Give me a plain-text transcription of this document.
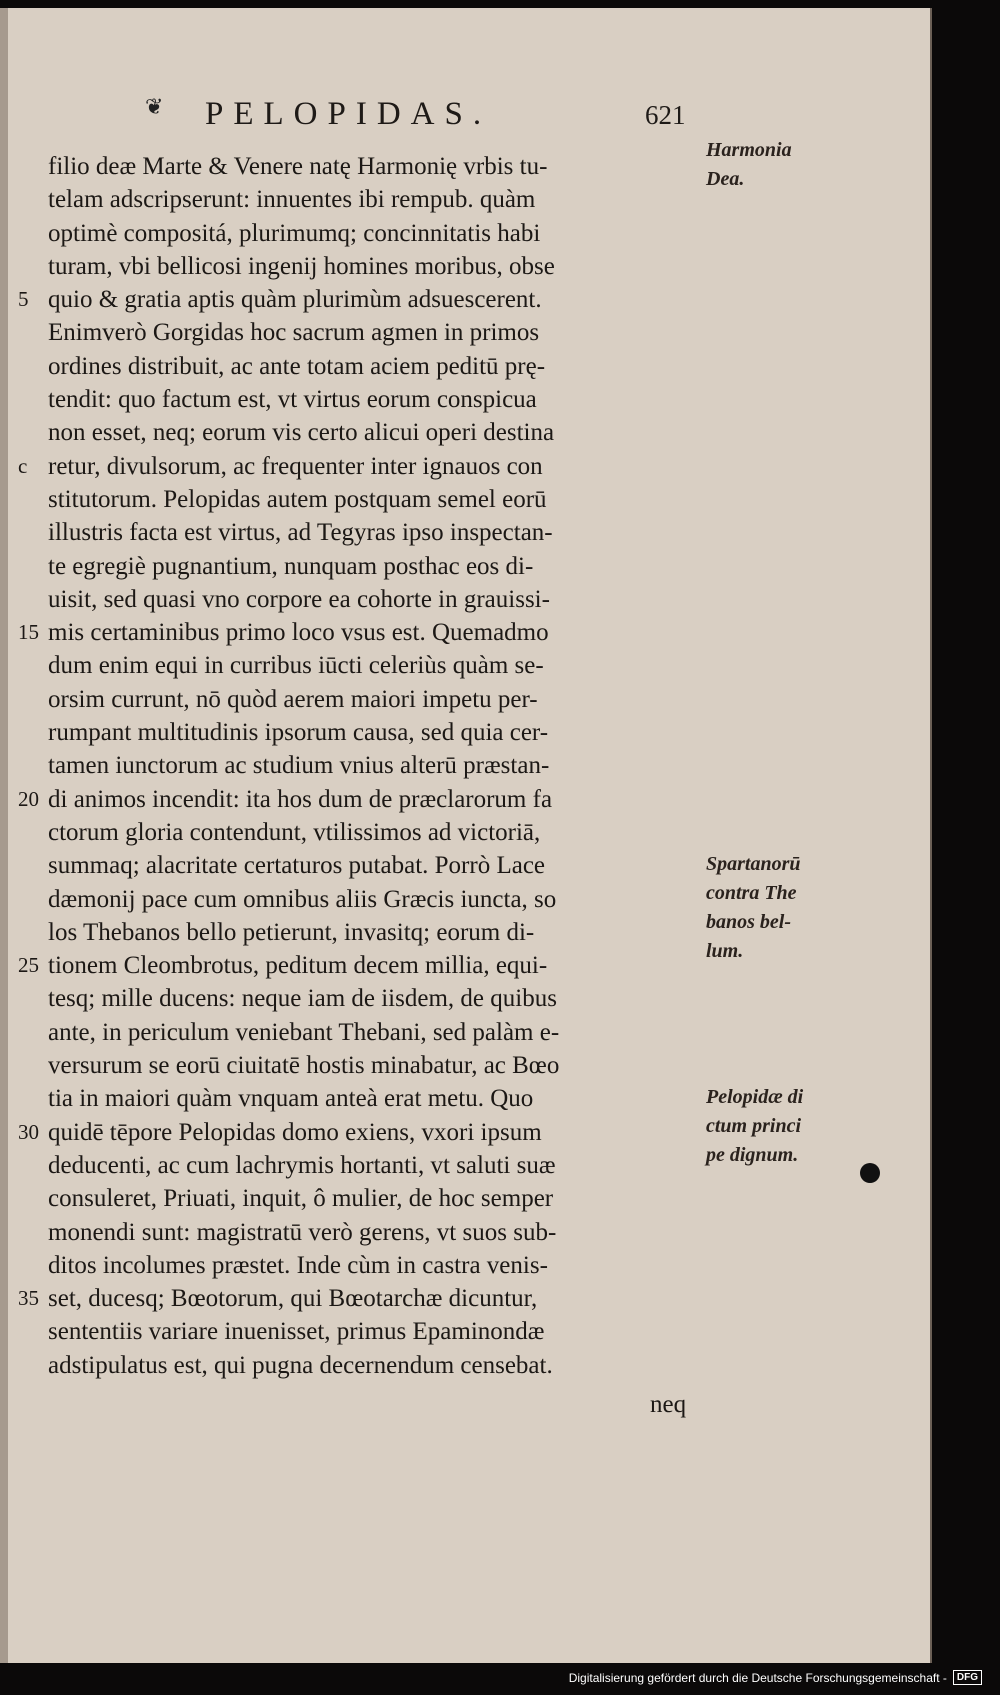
❦ PELOPIDAS.	621
filio deæ Marte & Venere natę Harmonię vrbis tu-
telam adscripserunt: innuentes ibi rempub. quàm
optimè compositá, plurimumq; concinnitatis habi
turam, vbi bellicosi ingenij homines moribus, obse
5 quio & gratia aptis quàm plurimùm adsuescerent.
Enimverò Gorgidas hoc sacrum agmen in primos
ordines distribuit, ac ante totam aciem peditū prę-
tendit: quo factum est, vt virtus eorum conspicua
non esset, neq; eorum vis certo alicui operi destina
c retur, divulsorum, ac frequenter inter ignauos con
stitutorum. Pelopidas autem postquam semel eorū
illustris facta est virtus, ad Tegyras ipso inspectan-
te egregiè pugnantium, nunquam posthac eos di-
uisit, sed quasi vno corpore ea cohorte in grauissi-
15 mis certaminibus primo loco vsus est. Quemadmo
dum enim equi in curribus iūcti celeriùs quàm se-
orsim currunt, nō quòd aerem maiori impetu per-
rumpant multitudinis ipsorum causa, sed quia cer-
tamen iunctorum ac studium vnius alterū præstan-
20 di animos incendit: ita hos dum de præclarorum fa
ctorum gloria contendunt, vtilissimos ad victoriā,
summaq; alacritate certaturos putabat. Porrò Lace
dæmonij pace cum omnibus aliis Græcis iuncta, so
los Thebanos bello petierunt, invasitq; eorum di-
25 tionem Cleombrotus, peditum decem millia, equi-
tesq; mille ducens: neque iam de iisdem, de quibus
ante, in periculum veniebant Thebani, sed palàm e-
versurum se eorū ciuitatē hostis minabatur, ac Bœo
tia in maiori quàm vnquam anteà erat metu. Quo
30 quidē tēpore Pelopidas domo exiens, vxori ipsum
deducenti, ac cum lachrymis hortanti, vt saluti suæ
consuleret, Priuati, inquit, ô mulier, de hoc semper
monendi sunt: magistratū verò gerens, vt suos sub-
ditos incolumes præstet. Inde cùm in castra venis-
35 set, ducesq; Bœotorum, qui Bœotarchæ dicuntur,
sententiis variare inuenisset, primus Epaminondæ
adstipulatus est, qui pugna decernendum censebat.
neq
Harmonia
Dea.
Spartanorū
contra The
banos bel-
lum.
Pelopidæ di
ctum princi
pe dignum.
Digitalisierung gefördert durch die Deutsche Forschungsgemeinschaft -	DFG
